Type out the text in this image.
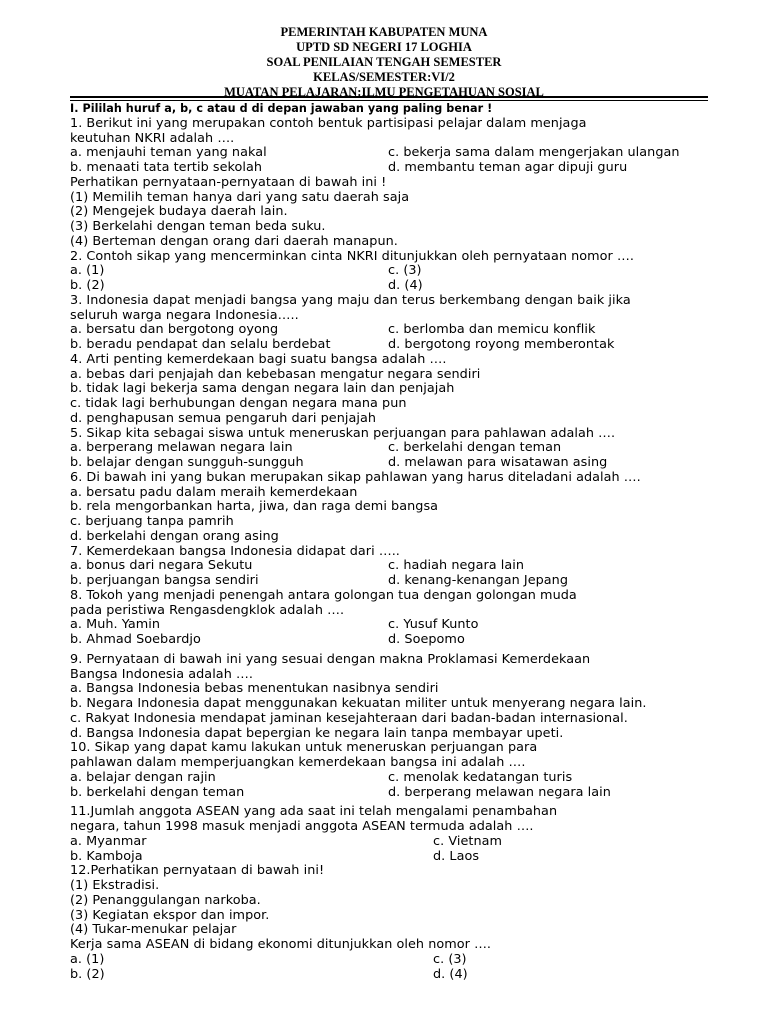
PEMERINTAH KABUPATEN MUNA
UPTD SD NEGERI 17 LOGHIA
SOAL PENILAIAN TENGAH SEMESTER
KELAS/SEMESTER:VI/2
MUATAN PELAJARAN:ILMU PENGETAHUAN SOSIAL
I. Pililah huruf a, b, c atau d di depan jawaban yang paling benar !
1. Berikut ini yang merupakan contoh bentuk partisipasi pelajar dalam menjaga
keutuhan NKRI adalah ….
a. menjauhi teman yang nakal	c. bekerja sama dalam mengerjakan ulangan
b. menaati tata tertib sekolah	d. membantu teman agar dipuji guru
Perhatikan pernyataan-pernyataan di bawah ini !
(1) Memilih teman hanya dari yang satu daerah saja
(2) Mengejek budaya daerah lain.
(3) Berkelahi dengan teman beda suku.
(4) Berteman dengan orang dari daerah manapun.
2. Contoh sikap yang mencerminkan cinta NKRI ditunjukkan oleh pernyataan nomor ….
a. (1)	c. (3)
b. (2)	d. (4)
3. Indonesia dapat menjadi bangsa yang maju dan terus berkembang dengan baik jika
seluruh warga negara Indonesia…..
a. bersatu dan bergotong oyong	c. berlomba dan memicu konflik
b. beradu pendapat dan selalu berdebat	d. bergotong royong memberontak
4. Arti penting kemerdekaan bagi suatu bangsa adalah ….
a. bebas dari penjajah dan kebebasan mengatur negara sendiri
b. tidak lagi bekerja sama dengan negara lain dan penjajah
c. tidak lagi berhubungan dengan negara mana pun
d. penghapusan semua pengaruh dari penjajah
5. Sikap kita sebagai siswa untuk meneruskan perjuangan para pahlawan adalah ….
a. berperang melawan negara lain	c. berkelahi dengan teman
b. belajar dengan sungguh-sungguh	d. melawan para wisatawan asing
6. Di bawah ini yang bukan merupakan sikap pahlawan yang harus diteladani adalah ….
a. bersatu padu dalam meraih kemerdekaan
b. rela mengorbankan harta, jiwa, dan raga demi bangsa
c. berjuang tanpa pamrih
d. berkelahi dengan orang asing
7. Kemerdekaan bangsa Indonesia didapat dari …..
a. bonus dari negara Sekutu	c. hadiah negara lain
b. perjuangan bangsa sendiri	d. kenang-kenangan Jepang
8. Tokoh yang menjadi penengah antara golongan tua dengan golongan muda
pada peristiwa Rengasdengklok adalah ….
a. Muh. Yamin	c. Yusuf Kunto
b. Ahmad Soebardjo	d. Soepomo
9. Pernyataan di bawah ini yang sesuai dengan makna Proklamasi Kemerdekaan
Bangsa Indonesia adalah ….
a. Bangsa Indonesia bebas menentukan nasibnya sendiri
b. Negara Indonesia dapat menggunakan kekuatan militer untuk menyerang negara lain.
c. Rakyat Indonesia mendapat jaminan kesejahteraan dari badan-badan internasional.
d. Bangsa Indonesia dapat bepergian ke negara lain tanpa membayar upeti.
10. Sikap yang dapat kamu lakukan untuk meneruskan perjuangan para
pahlawan dalam memperjuangkan kemerdekaan bangsa ini adalah ….
a. belajar dengan rajin	c. menolak kedatangan turis
b. berkelahi dengan teman	d. berperang melawan negara lain
11.Jumlah anggota ASEAN yang ada saat ini telah mengalami penambahan
negara, tahun 1998 masuk menjadi anggota ASEAN termuda adalah ….
a. Myanmar	c. Vietnam
b. Kamboja	d. Laos
12.Perhatikan pernyataan di bawah ini!
(1) Ekstradisi.
(2) Penanggulangan narkoba.
(3) Kegiatan ekspor dan impor.
(4) Tukar-menukar pelajar
Kerja sama ASEAN di bidang ekonomi ditunjukkan oleh nomor ….
a. (1)	c. (3)
b. (2)	d. (4)
